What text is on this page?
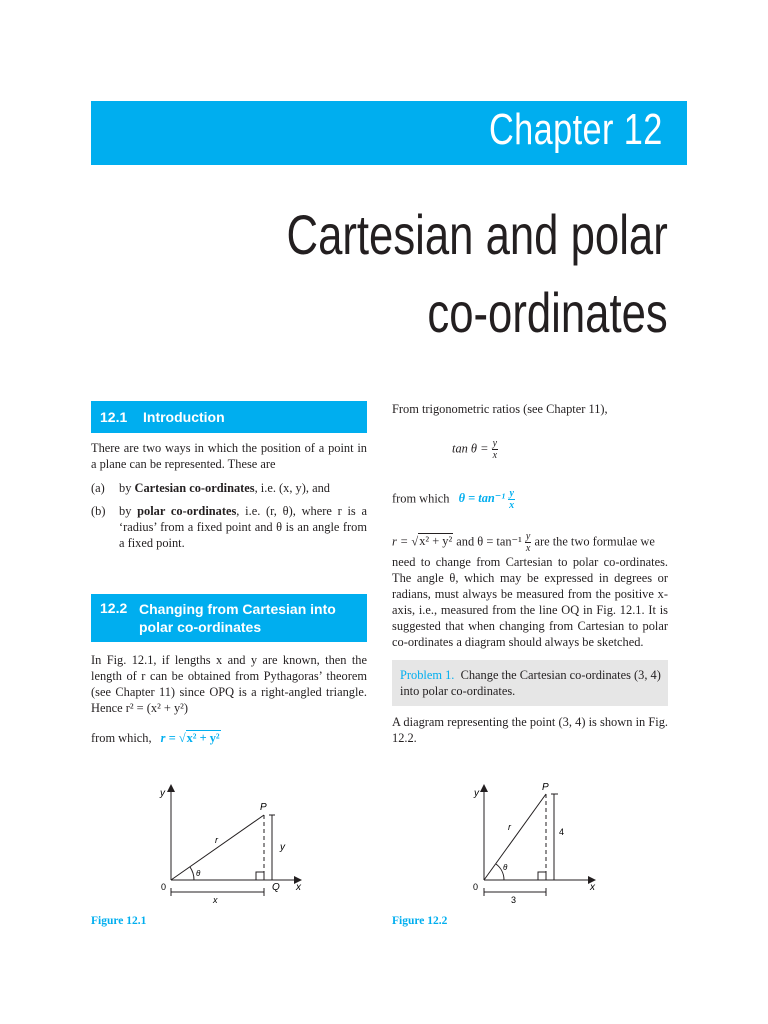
Chapter 12
Cartesian and polar
co-ordinates
12.1 Introduction
There are two ways in which the position of a point in a plane can be represented. These are
(a) by Cartesian co-ordinates, i.e. (x, y), and
(b) by polar co-ordinates, i.e. (r, θ), where r is a ‘radius’ from a fixed point and θ is an angle from a fixed point.
12.2 Changing from Cartesian into polar co-ordinates
In Fig. 12.1, if lengths x and y are known, then the length of r can be obtained from Pythagoras’ theorem (see Chapter 11) since OPQ is a right-angled triangle. Hence r² = (x² + y²)
from which, r = √x² + y²
From trigonometric ratios (see Chapter 11),
$\tan \theta = \frac{y}{x}$
from which $\theta = \tan^{-1} \frac{y}{x}$
r = √x² + y² and $\theta = \tan^{-1} \frac{y}{x}$ are the two formulae we
need to change from Cartesian to polar co-ordinates. The angle θ, which may be expressed in degrees or radians, must always be measured from the positive x-axis, i.e., measured from the line OQ in Fig. 12.1. It is suggested that when changing from Cartesian to polar co-ordinates a diagram should always be sketched.
Problem 1. Change the Cartesian co-ordinates (3, 4) into polar co-ordinates.
A diagram representing the point (3, 4) is shown in Fig. 12.2.
y
x
0
P
Q
r
θ
x
y
Figure 12.1
y
x
0
P
r
θ
3
4
Figure 12.2
